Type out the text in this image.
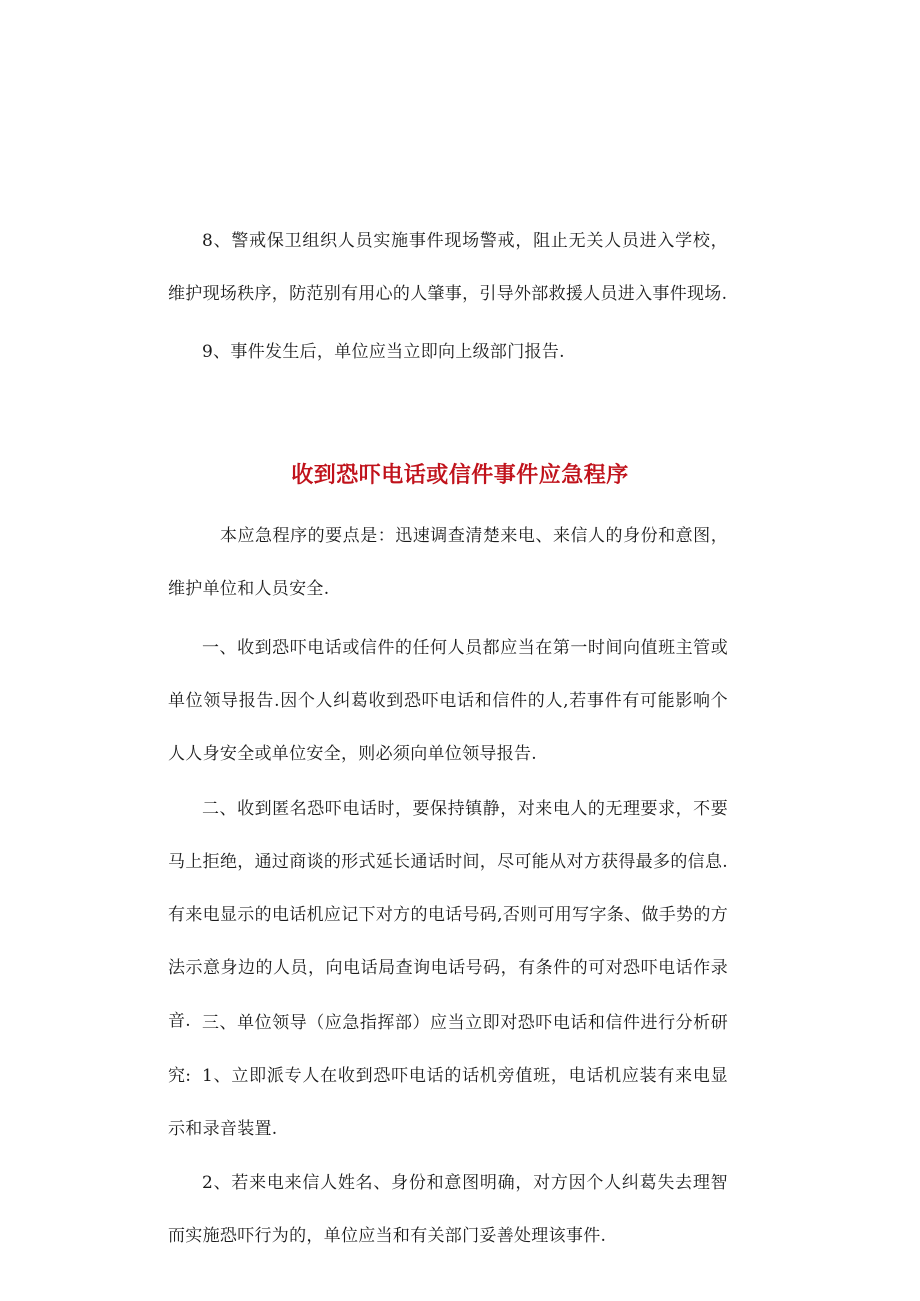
8、警戒保卫组织人员实施事件现场警戒，阻止无关人员进入学校，维护现场秩序，防范别有用心的人肇事，引导外部救援人员进入事件现场.

9、事件发生后，单位应当立即向上级部门报告.

收到恐吓电话或信件事件应急程序

本应急程序的要点是：迅速调查清楚来电、来信人的身份和意图，维护单位和人员安全.

一、收到恐吓电话或信件的任何人员都应当在第一时间向值班主管或单位领导报告.因个人纠葛收到恐吓电话和信件的人,若事件有可能影响个人人身安全或单位安全，则必须向单位领导报告.

二、收到匿名恐吓电话时，要保持镇静，对来电人的无理要求，不要马上拒绝，通过商谈的形式延长通话时间，尽可能从对方获得最多的信息.有来电显示的电话机应记下对方的电话号码,否则可用写字条、做手势的方法示意身边的人员，向电话局查询电话号码，有条件的可对恐吓电话作录音. 三、单位领导（应急指挥部）应当立即对恐吓电话和信件进行分析研究: 1、立即派专人在收到恐吓电话的话机旁值班，电话机应装有来电显示和录音装置.

2、若来电来信人姓名、身份和意图明确，对方因个人纠葛失去理智而实施恐吓行为的，单位应当和有关部门妥善处理该事件.
